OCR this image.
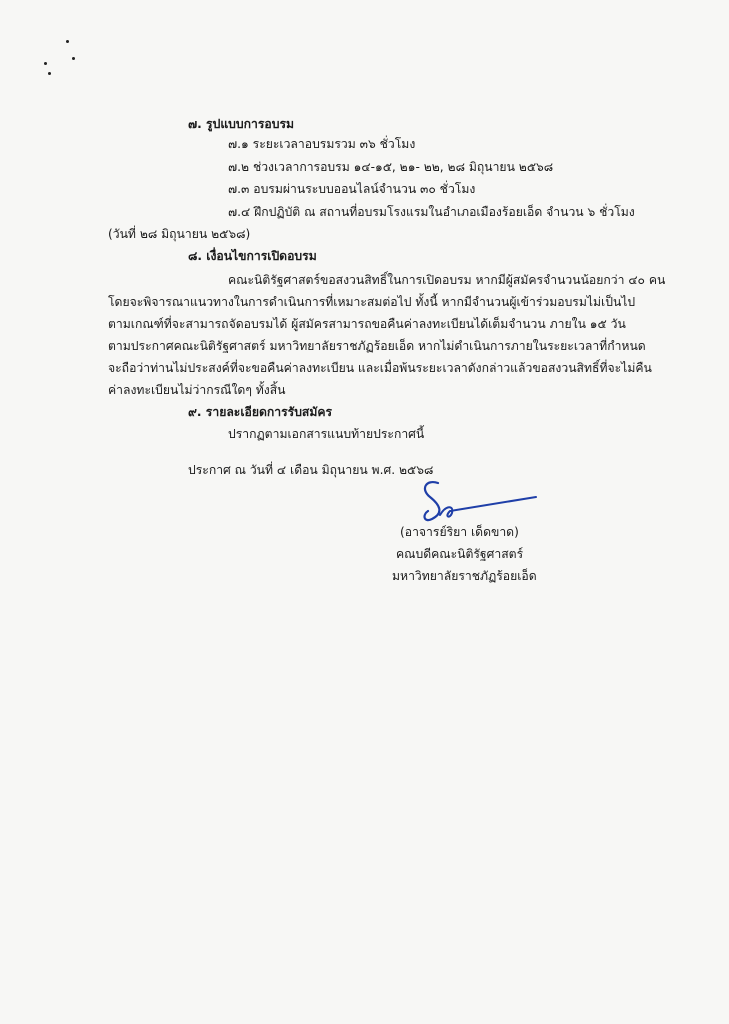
๗. รูปแบบการอบรม
๗.๑ ระยะเวลาอบรมรวม ๓๖ ชั่วโมง
๗.๒ ช่วงเวลาการอบรม ๑๔-๑๕, ๒๑- ๒๒, ๒๘ มิถุนายน ๒๕๖๘
๗.๓ อบรมผ่านระบบออนไลน์จำนวน ๓๐ ชั่วโมง
๗.๔ ฝึกปฏิบัติ ณ สถานที่อบรมโรงแรมในอำเภอเมืองร้อยเอ็ด จำนวน ๖ ชั่วโมง
(วันที่ ๒๘ มิถุนายน ๒๕๖๘)
๘. เงื่อนไขการเปิดอบรม
คณะนิติรัฐศาสตร์ขอสงวนสิทธิ์ในการเปิดอบรม หากมีผู้สมัครจำนวนน้อยกว่า ๔๐ คน
โดยจะพิจารณาแนวทางในการดำเนินการที่เหมาะสมต่อไป ทั้งนี้ หากมีจำนวนผู้เข้าร่วมอบรมไม่เป็นไป
ตามเกณฑ์ที่จะสามารถจัดอบรมได้ ผู้สมัครสามารถขอคืนค่าลงทะเบียนได้เต็มจำนวน ภายใน ๑๕ วัน
ตามประกาศคณะนิติรัฐศาสตร์ มหาวิทยาลัยราชภัฏร้อยเอ็ด หากไม่ดำเนินการภายในระยะเวลาที่กำหนด
จะถือว่าท่านไม่ประสงค์ที่จะขอคืนค่าลงทะเบียน และเมื่อพ้นระยะเวลาดังกล่าวแล้วขอสงวนสิทธิ์ที่จะไม่คืน
ค่าลงทะเบียนไม่ว่ากรณีใดๆ ทั้งสิ้น
๙. รายละเอียดการรับสมัคร
ปรากฏตามเอกสารแนบท้ายประกาศนี้
ประกาศ ณ วันที่ ๔ เดือน มิถุนายน พ.ศ. ๒๕๖๘
(อาจารย์ริยา เด็ดขาด)
คณบดีคณะนิติรัฐศาสตร์
มหาวิทยาลัยราชภัฏร้อยเอ็ด
